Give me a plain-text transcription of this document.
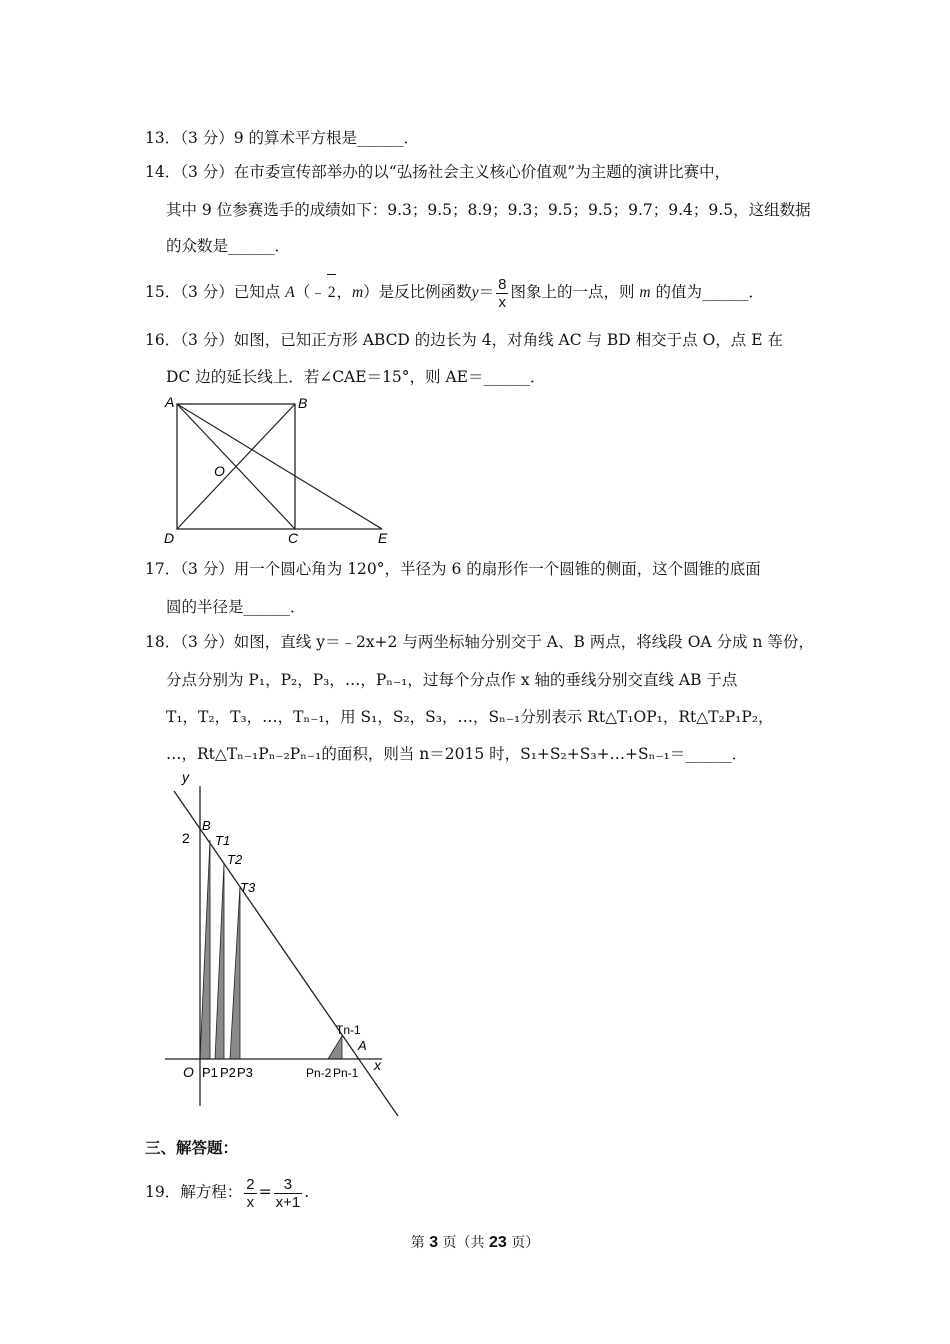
13．（3 分）9 的算术平方根是______．
14．（3 分）在市委宣传部举办的以“弘扬社会主义核心价值观”为主题的演讲比赛中，
其中 9 位参赛选手的成绩如下：9.3；9.5；8.9；9.3；9.5；9.5；9.7；9.4；9.5，这组数据
的众数是______．
15．（3 分）已知点 A（﹣ 2，m）是反比例函数$y= \frac{8}{x}$ 图象上的一点，则 m 的值为______．
16．（3 分）如图，已知正方形 ABCD 的边长为 4，对角线 AC 与 BD 相交于点 O，点 E 在
DC 边的延长线上．若∠CAE＝15°，则 AE＝______．
A	B
D	C	E
O
17．（3 分）用一个圆心角为 120°，半径为 6 的扇形作一个圆锥的侧面，这个圆锥的底面
圆的半径是______．
18．（3 分）如图，直线 y＝﹣2x+2 与两坐标轴分别交于 A、B 两点，将线段 OA 分成 n 等份，
分点分别为 P₁，P₂，P₃，…，Pₙ₋₁，过每个分点作 x 轴的垂线分别交直线 AB 于点
T₁，T₂，T₃，…，Tₙ₋₁，用 S₁，S₂，S₃，…，Sₙ₋₁分别表示 Rt△T₁OP₁，Rt△T₂P₁P₂，
…，Rt△Tₙ₋₁Pₙ₋₂Pₙ₋₁的面积，则当 n＝2015 时，S₁+S₂+S₃+…+Sₙ₋₁＝______．
y
x
2
B
T1
T2
T3
Tn-1
A
O P1 P2 P3	Pn-2 Pn-1
三、解答题：
19．解方程： $\frac{2}{x} = \frac{3}{x+1}$ .
第 3 页（共 23 页）
